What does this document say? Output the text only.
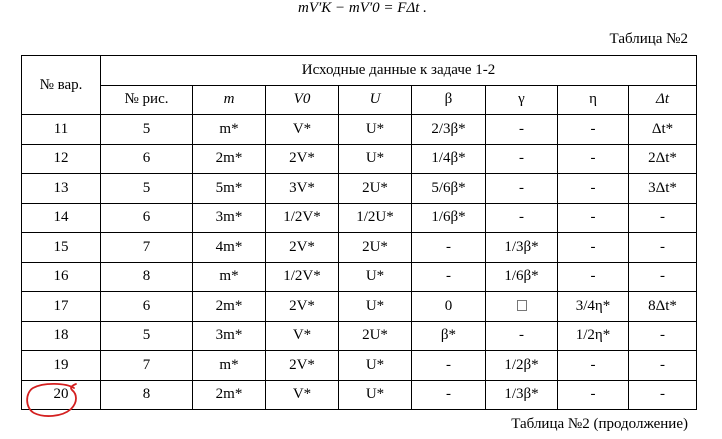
mV′K − mV′0 = FΔt .
Таблица №2
№ вар.	Исходные данные к задаче 1-2							
	№ рис.	m	V0	U	β	γ	η	Δt
11	5	m*	V*	U*	2/3β*	-	-	Δt*
12	6	2m*	2V*	U*	1/4β*	-	-	2Δt*
13	5	5m*	3V*	2U*	5/6β*	-	-	3Δt*
14	6	3m*	1/2V*	1/2U*	1/6β*	-	-	-
15	7	4m*	2V*	2U*	-	1/3β*	-	-
16	8	m*	1/2V*	U*	-	1/6β*	-	-
17	6	2m*	2V*	U*	0		3/4η*	8Δt*
18	5	3m*	V*	2U*	β*	-	1/2η*	-
19	7	m*	2V*	U*	-	1/2β*	-	-
20	8	2m*	V*	U*	-	1/3β*	-	-
Таблица №2 (продолжение)
